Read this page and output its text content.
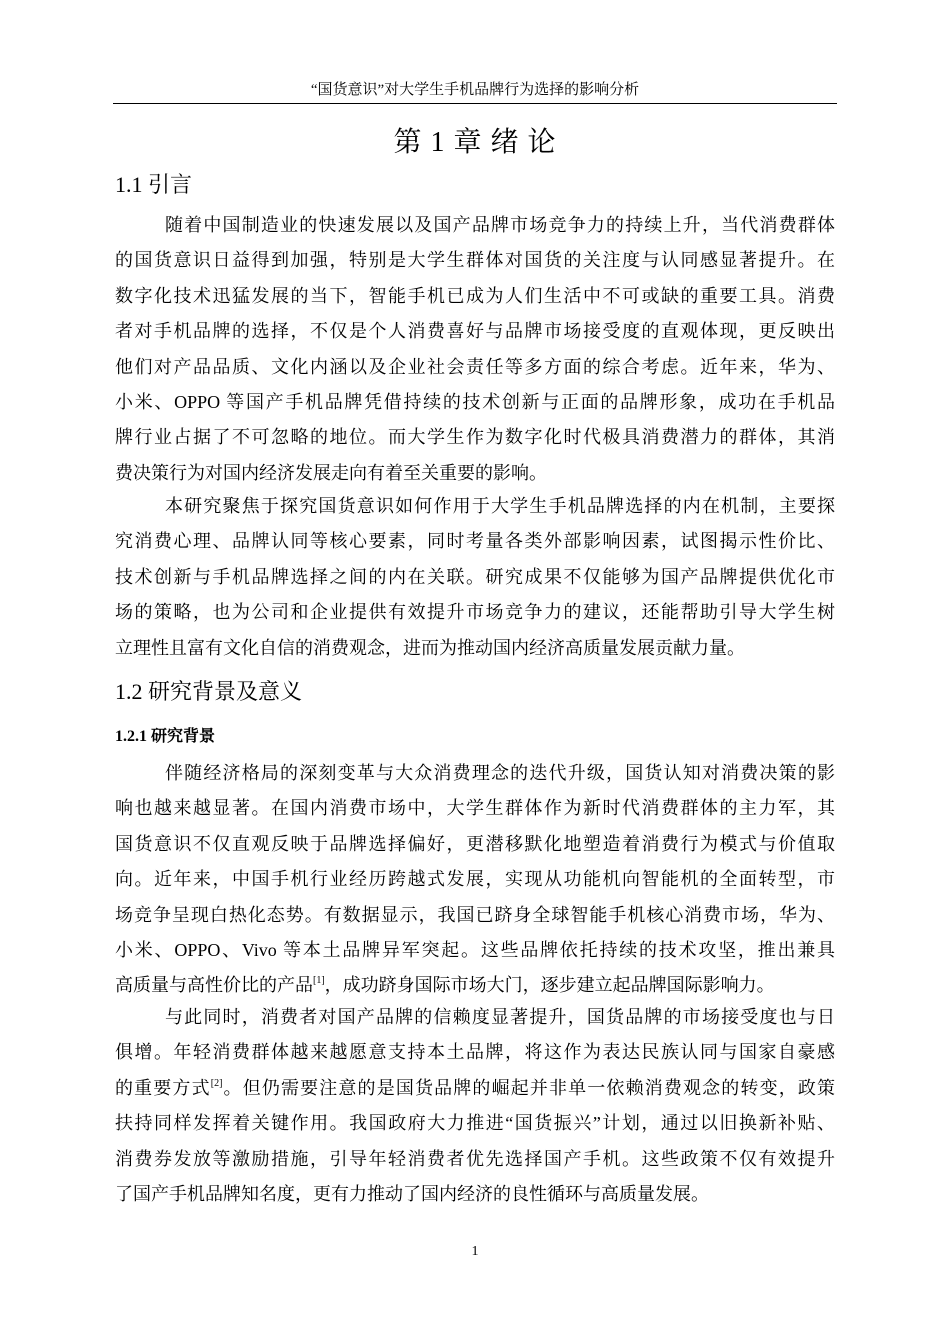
“国货意识”对大学生手机品牌行为选择的影响分析
第 1 章 绪 论
1.1 引言
随着中国制造业的快速发展以及国产品牌市场竞争力的持续上升，当代消费群体
的国货意识日益得到加强，特别是大学生群体对国货的关注度与认同感显著提升。在
数字化技术迅猛发展的当下，智能手机已成为人们生活中不可或缺的重要工具。消费
者对手机品牌的选择，不仅是个人消费喜好与品牌市场接受度的直观体现，更反映出
他们对产品品质、文化内涵以及企业社会责任等多方面的综合考虑。近年来，华为、
小米、OPPO 等国产手机品牌凭借持续的技术创新与正面的品牌形象，成功在手机品
牌行业占据了不可忽略的地位。而大学生作为数字化时代极具消费潜力的群体，其消
费决策行为对国内经济发展走向有着至关重要的影响。
本研究聚焦于探究国货意识如何作用于大学生手机品牌选择的内在机制，主要探
究消费心理、品牌认同等核心要素，同时考量各类外部影响因素，试图揭示性价比、
技术创新与手机品牌选择之间的内在关联。研究成果不仅能够为国产品牌提供优化市
场的策略，也为公司和企业提供有效提升市场竞争力的建议，还能帮助引导大学生树
立理性且富有文化自信的消费观念，进而为推动国内经济高质量发展贡献力量。
1.2 研究背景及意义
1.2.1 研究背景
伴随经济格局的深刻变革与大众消费理念的迭代升级，国货认知对消费决策的影
响也越来越显著。在国内消费市场中，大学生群体作为新时代消费群体的主力军，其
国货意识不仅直观反映于品牌选择偏好，更潜移默化地塑造着消费行为模式与价值取
向。近年来，中国手机行业经历跨越式发展，实现从功能机向智能机的全面转型，市
场竞争呈现白热化态势。有数据显示，我国已跻身全球智能手机核心消费市场，华为、
小米、OPPO、Vivo 等本土品牌异军突起。这些品牌依托持续的技术攻坚，推出兼具
高质量与高性价比的产品[1]，成功跻身国际市场大门，逐步建立起品牌国际影响力。
与此同时，消费者对国产品牌的信赖度显著提升，国货品牌的市场接受度也与日
俱增。年轻消费群体越来越愿意支持本土品牌，将这作为表达民族认同与国家自豪感
的重要方式[2]。但仍需要注意的是国货品牌的崛起并非单一依赖消费观念的转变，政策
扶持同样发挥着关键作用。我国政府大力推进“国货振兴”计划，通过以旧换新补贴、
消费券发放等激励措施，引导年轻消费者优先选择国产手机。这些政策不仅有效提升
了国产手机品牌知名度，更有力推动了国内经济的良性循环与高质量发展。
1
